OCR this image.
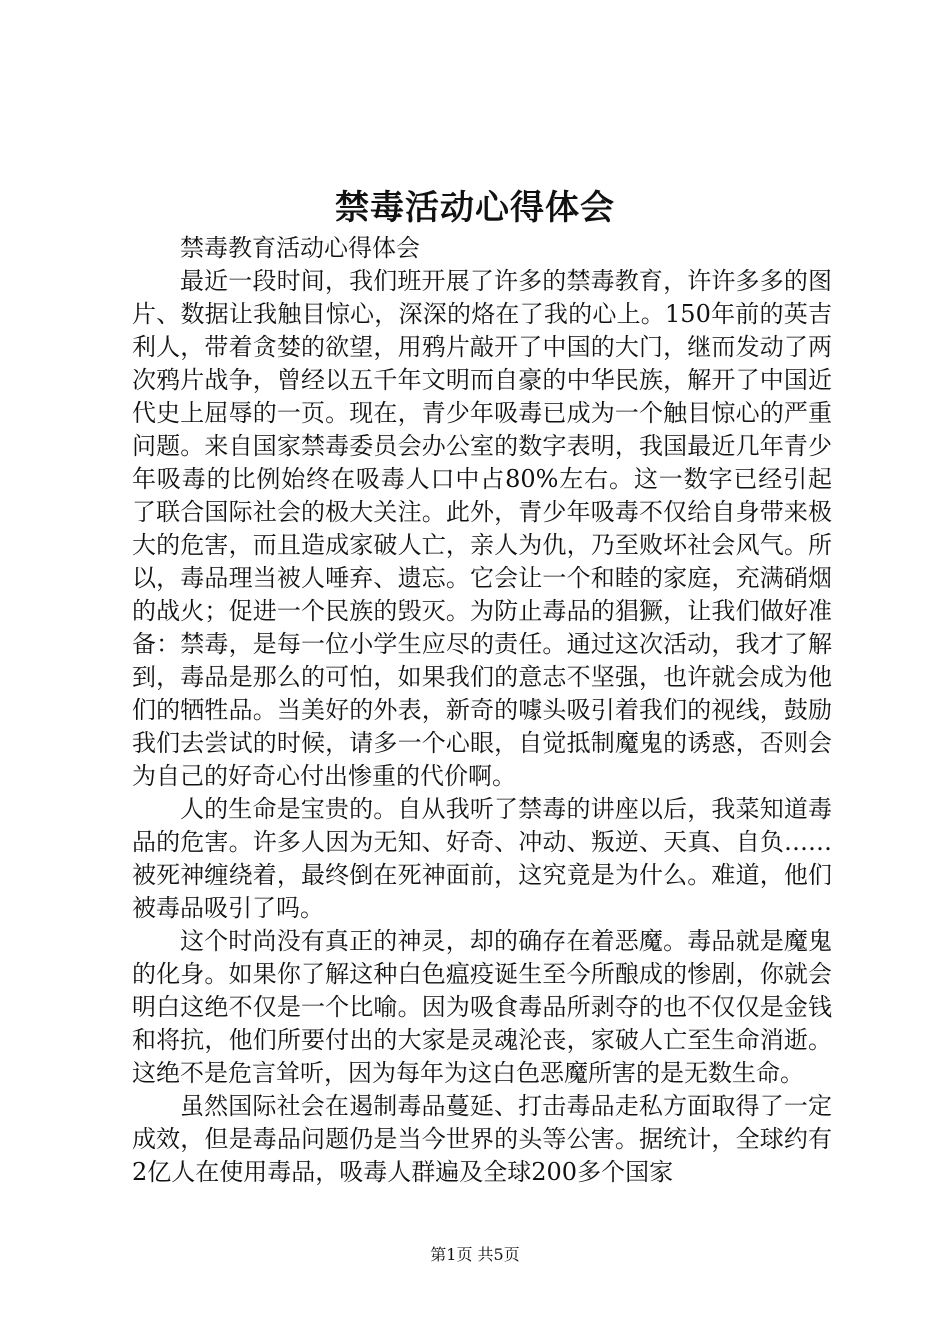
禁毒活动心得体会

禁毒教育活动心得体会

最近一段时间，我们班开展了许多的禁毒教育，许许多多的图片、数据让我触目惊心，深深的烙在了我的心上。150年前的英吉利人，带着贪婪的欲望，用鸦片敲开了中国的大门，继而发动了两次鸦片战争，曾经以五千年文明而自豪的中华民族，解开了中国近代史上屈辱的一页。现在，青少年吸毒已成为一个触目惊心的严重问题。来自国家禁毒委员会办公室的数字表明，我国最近几年青少年吸毒的比例始终在吸毒人口中占80%左右。这一数字已经引起了联合国际社会的极大关注。此外，青少年吸毒不仅给自身带来极大的危害，而且造成家破人亡，亲人为仇，乃至败坏社会风气。所以，毒品理当被人唾弃、遗忘。它会让一个和睦的家庭，充满硝烟的战火；促进一个民族的毁灭。为防止毒品的猖獗，让我们做好准备：禁毒，是每一位小学生应尽的责任。通过这次活动，我才了解到，毒品是那么的可怕，如果我们的意志不坚强，也许就会成为他们的牺牲品。当美好的外表，新奇的噱头吸引着我们的视线，鼓励我们去尝试的时候，请多一个心眼，自觉抵制魔鬼的诱惑，否则会为自己的好奇心付出惨重的代价啊。

人的生命是宝贵的。自从我听了禁毒的讲座以后，我菜知道毒品的危害。许多人因为无知、好奇、冲动、叛逆、天真、自负……被死神缠绕着，最终倒在死神面前，这究竟是为什么。难道，他们被毒品吸引了吗。

这个时尚没有真正的神灵，却的确存在着恶魔。毒品就是魔鬼的化身。如果你了解这种白色瘟疫诞生至今所酿成的惨剧，你就会明白这绝不仅是一个比喻。因为吸食毒品所剥夺的也不仅仅是金钱和将抗，他们所要付出的大家是灵魂沦丧，家破人亡至生命消逝。这绝不是危言耸听，因为每年为这白色恶魔所害的是无数生命。

虽然国际社会在遏制毒品蔓延、打击毒品走私方面取得了一定成效，但是毒品问题仍是当今世界的头等公害。据统计，全球约有2亿人在使用毒品，吸毒人群遍及全球200多个国家

第1页 共5页
